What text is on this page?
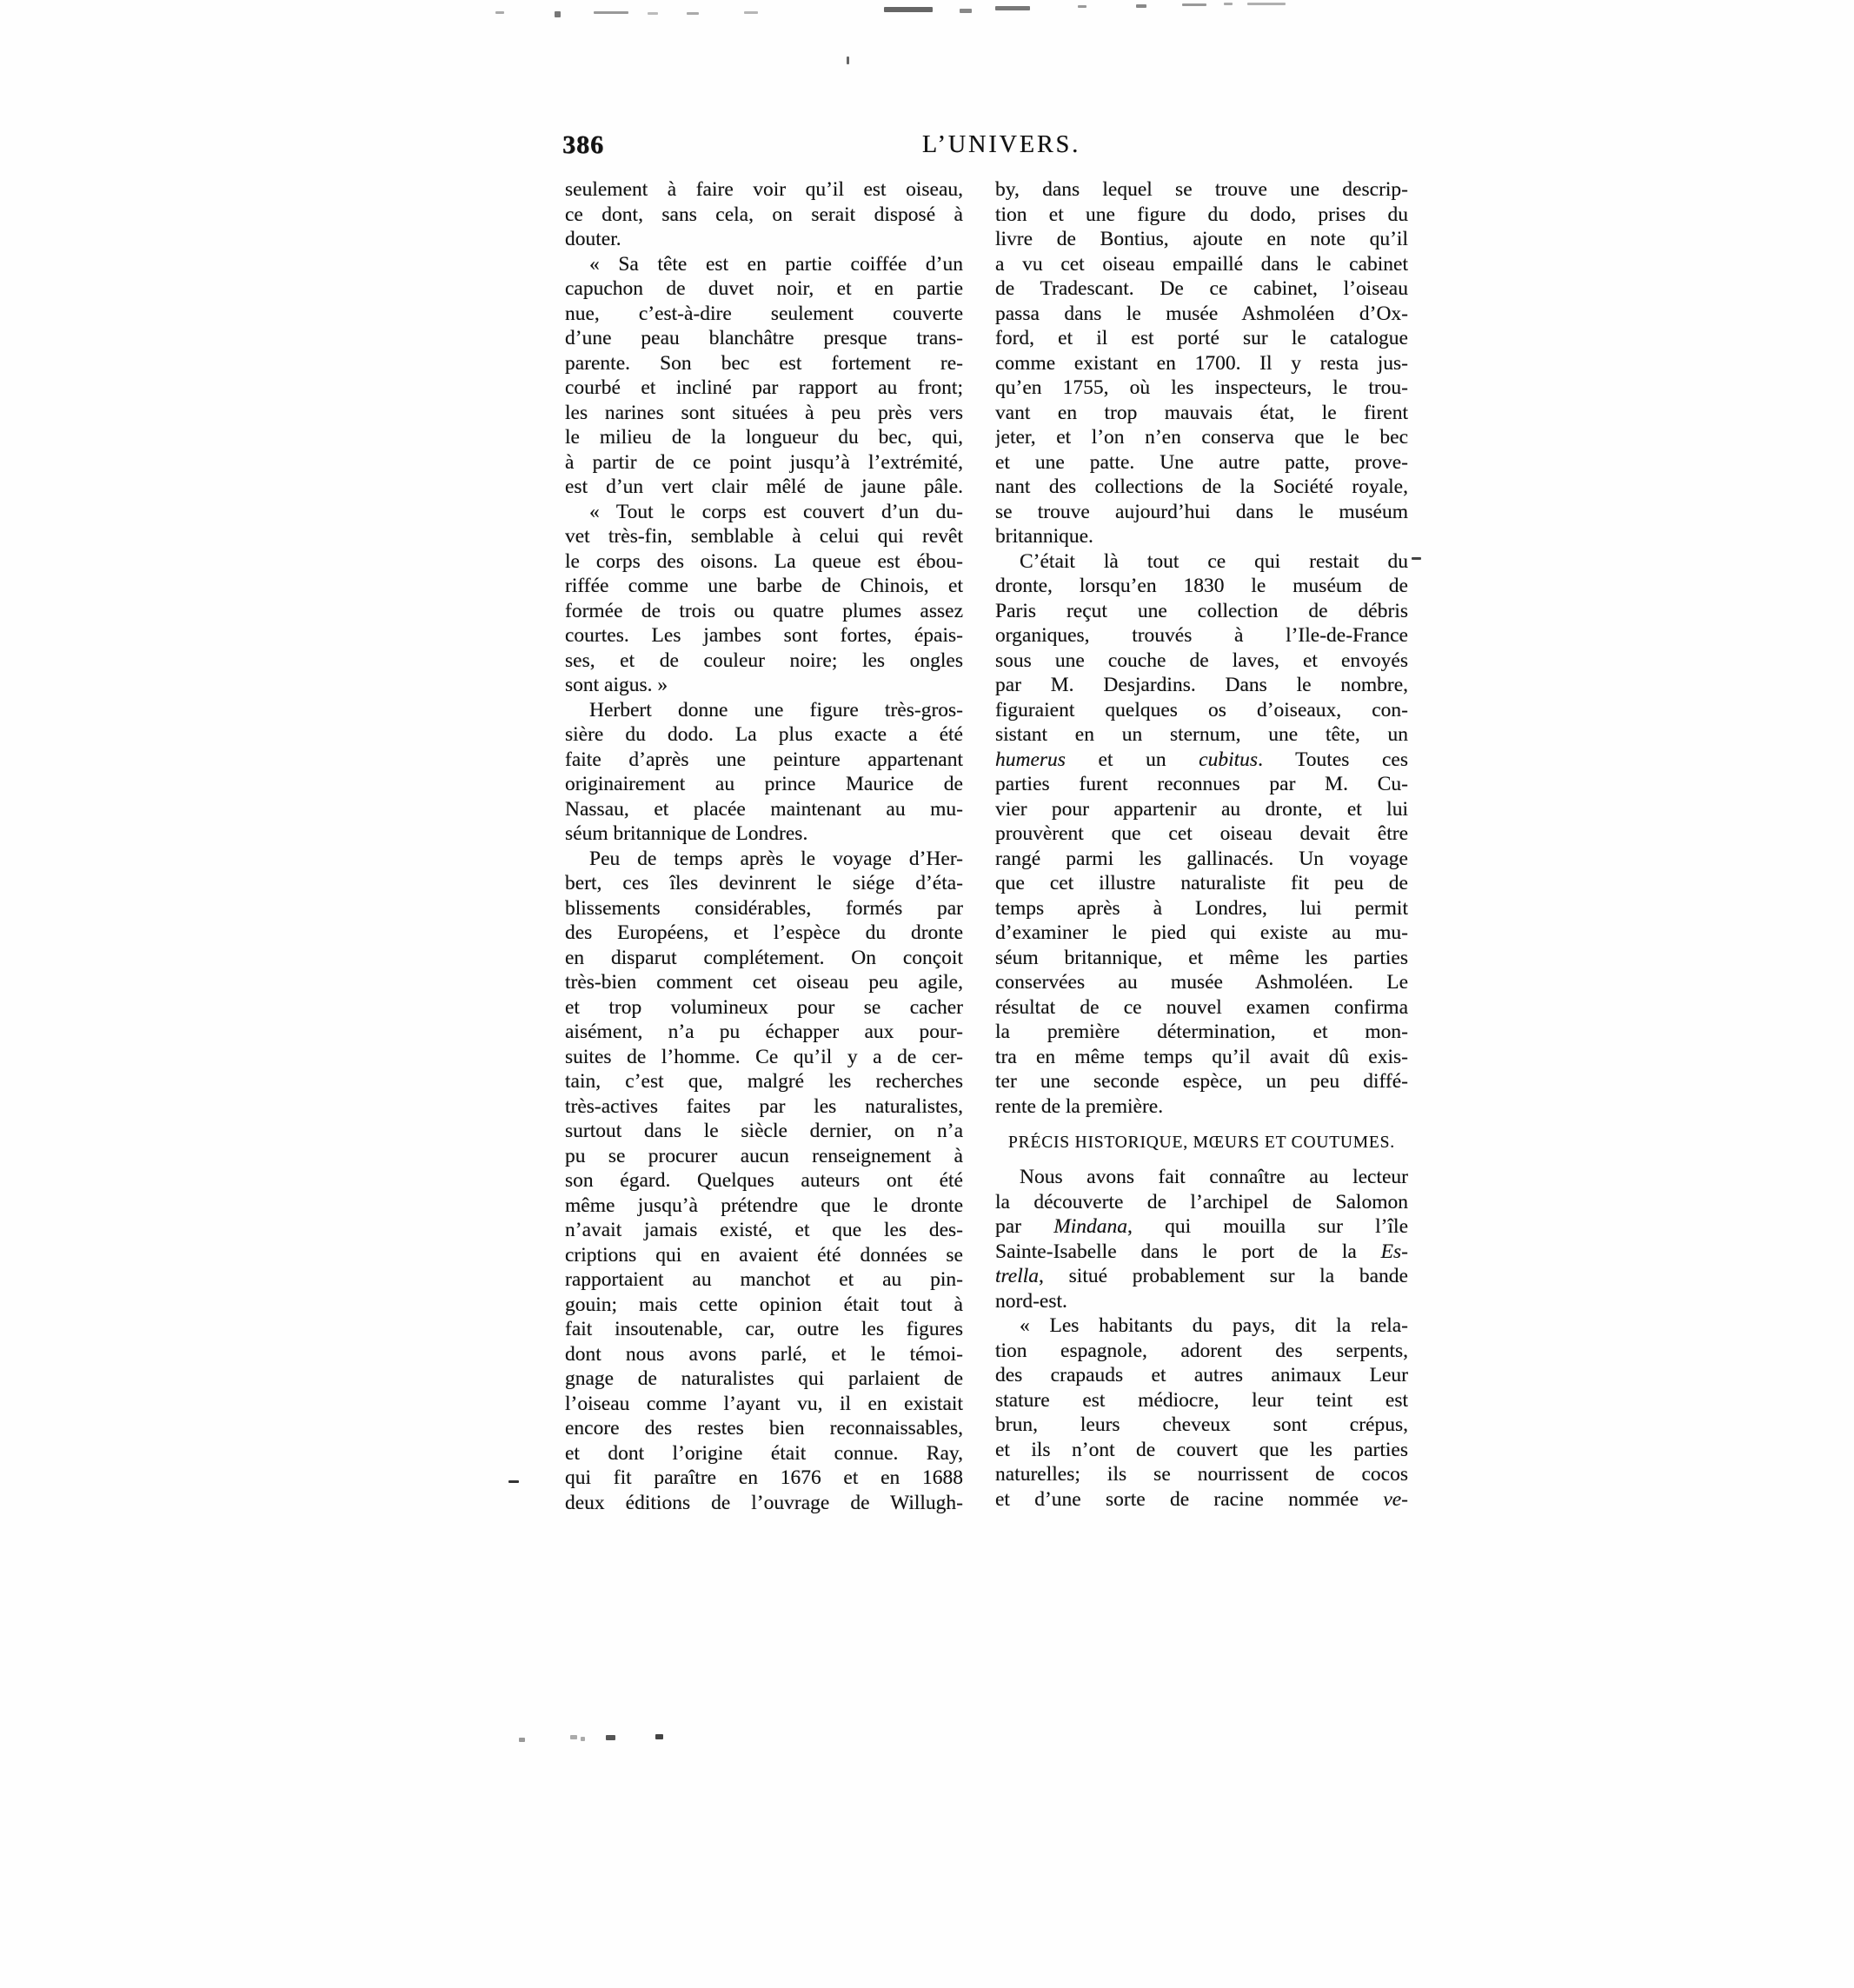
386	L’UNIVERS.
seulement à faire voir qu’il est oiseau,
ce dont, sans cela, on serait disposé à
douter.
« Sa tête est en partie coiffée d’un
capuchon de duvet noir, et en partie
nue, c’est-à-dire seulement couverte
d’une peau blanchâtre presque trans-
parente. Son bec est fortement re-
courbé et incliné par rapport au front;
les narines sont situées à peu près vers
le milieu de la longueur du bec, qui,
à partir de ce point jusqu’à l’extrémité,
est d’un vert clair mêlé de jaune pâle.
« Tout le corps est couvert d’un du-
vet très-fin, semblable à celui qui revêt
le corps des oisons. La queue est ébou-
riffée comme une barbe de Chinois, et
formée de trois ou quatre plumes assez
courtes. Les jambes sont fortes, épais-
ses, et de couleur noire; les ongles
sont aigus. »
Herbert donne une figure très-gros-
sière du dodo. La plus exacte a été
faite d’après une peinture appartenant
originairement au prince Maurice de
Nassau, et placée maintenant au mu-
séum britannique de Londres.
Peu de temps après le voyage d’Her-
bert, ces îles devinrent le siége d’éta-
blissements considérables, formés par
des Européens, et l’espèce du dronte
en disparut complétement. On conçoit
très-bien comment cet oiseau peu agile,
et trop volumineux pour se cacher
aisément, n’a pu échapper aux pour-
suites de l’homme. Ce qu’il y a de cer-
tain, c’est que, malgré les recherches
très-actives faites par les naturalistes,
surtout dans le siècle dernier, on n’a
pu se procurer aucun renseignement à
son égard. Quelques auteurs ont été
même jusqu’à prétendre que le dronte
n’avait jamais existé, et que les des-
criptions qui en avaient été données se
rapportaient au manchot et au pin-
gouin; mais cette opinion était tout à
fait insoutenable, car, outre les figures
dont nous avons parlé, et le témoi-
gnage de naturalistes qui parlaient de
l’oiseau comme l’ayant vu, il en existait
encore des restes bien reconnaissables,
et dont l’origine était connue. Ray,
qui fit paraître en 1676 et en 1688
deux éditions de l’ouvrage de Willugh-
by, dans lequel se trouve une descrip-
tion et une figure du dodo, prises du
livre de Bontius, ajoute en note qu’il
a vu cet oiseau empaillé dans le cabinet
de Tradescant. De ce cabinet, l’oiseau
passa dans le musée Ashmoléen d’Ox-
ford, et il est porté sur le catalogue
comme existant en 1700. Il y resta jus-
qu’en 1755, où les inspecteurs, le trou-
vant en trop mauvais état, le firent
jeter, et l’on n’en conserva que le bec
et une patte. Une autre patte, prove-
nant des collections de la Société royale,
se trouve aujourd’hui dans le muséum
britannique.
C’était là tout ce qui restait du
dronte, lorsqu’en 1830 le muséum de
Paris reçut une collection de débris
organiques, trouvés à l’Ile-de-France
sous une couche de laves, et envoyés
par M. Desjardins. Dans le nombre,
figuraient quelques os d’oiseaux, con-
sistant en un sternum, une tête, un
humerus et un cubitus. Toutes ces
parties furent reconnues par M. Cu-
vier pour appartenir au dronte, et lui
prouvèrent que cet oiseau devait être
rangé parmi les gallinacés. Un voyage
que cet illustre naturaliste fit peu de
temps après à Londres, lui permit
d’examiner le pied qui existe au mu-
séum britannique, et même les parties
conservées au musée Ashmoléen. Le
résultat de ce nouvel examen confirma
la première détermination, et mon-
tra en même temps qu’il avait dû exis-
ter une seconde espèce, un peu diffé-
rente de la première.
PRÉCIS HISTORIQUE, MŒURS ET COUTUMES.
Nous avons fait connaître au lecteur
la découverte de l’archipel de Salomon
par Mindana, qui mouilla sur l’île
Sainte-Isabelle dans le port de la Es-
trella, situé probablement sur la bande
nord-est.
« Les habitants du pays, dit la rela-
tion espagnole, adorent des serpents,
des crapauds et autres animaux Leur
stature est médiocre, leur teint est
brun, leurs cheveux sont crépus,
et ils n’ont de couvert que les parties
naturelles; ils se nourrissent de cocos
et d’une sorte de racine nommée ve-
